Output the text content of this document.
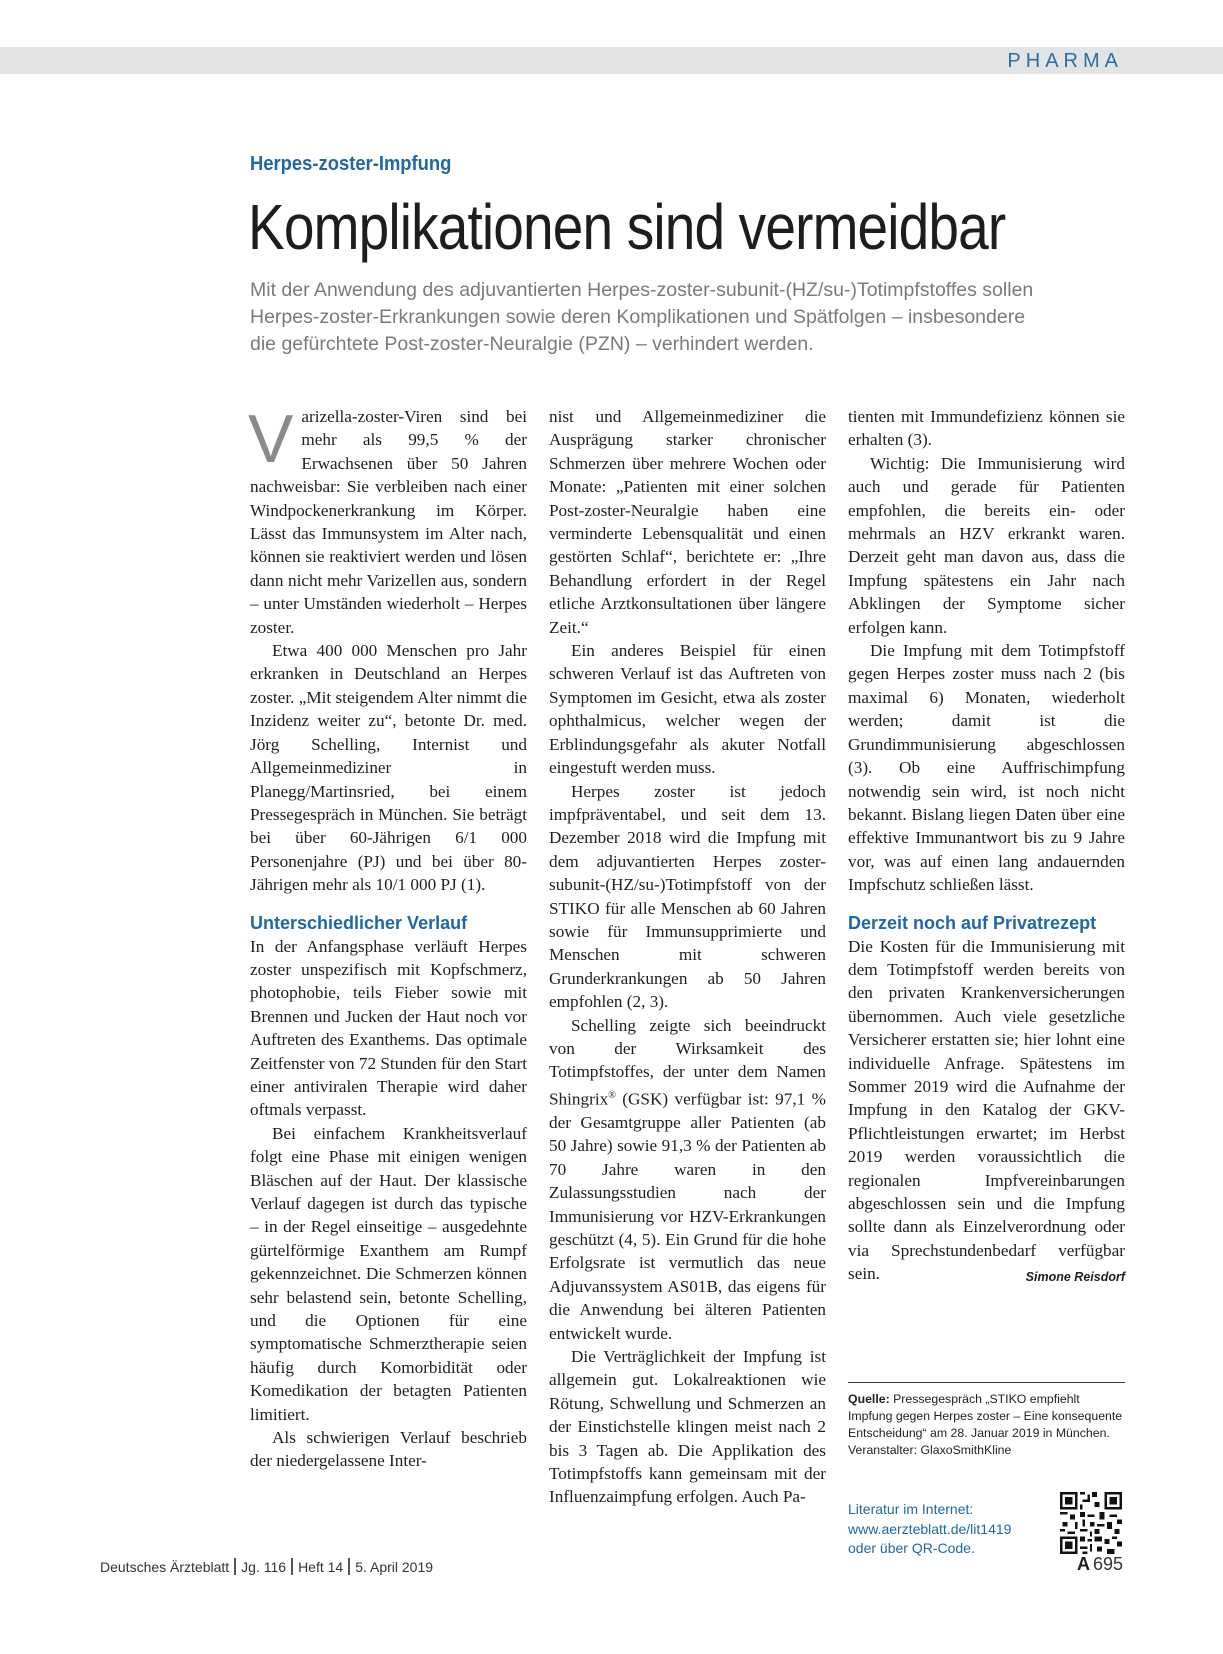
PHARMA
Herpes-zoster-Impfung
Komplikationen sind vermeidbar
Mit der Anwendung des adjuvantierten Herpes-zoster-subunit-(HZ/su-)Totimpfstoffes sollen
Herpes-zoster-Erkrankungen sowie deren Komplikationen und Spätfolgen – insbesondere
die gefürchtete Post-zoster-Neuralgie (PZN) – verhindert werden.

Varizella-zoster-Viren sind bei mehr als 99,5 % der Erwachsenen über 50 Jahren nachweisbar: Sie verbleiben nach einer Windpockenerkrankung im Körper. Lässt das Immunsystem im Alter nach, können sie reaktiviert werden und lösen dann nicht mehr Varizellen aus, sondern – unter Umständen wiederholt – Herpes zoster.

Etwa 400 000 Menschen pro Jahr erkranken in Deutschland an Herpes zoster. „Mit steigendem Alter nimmt die Inzidenz weiter zu“, betonte Dr. med. Jörg Schelling, Internist und Allgemeinmediziner in Planegg/Martinsried, bei einem Pressegespräch in München. Sie beträgt bei über 60-Jährigen 6/1 000 Personenjahre (PJ) und bei über 80-Jährigen mehr als 10/1 000 PJ (1).

Unterschiedlicher Verlauf

In der Anfangsphase verläuft Herpes zoster unspezifisch mit Kopfschmerz, photophobie, teils Fieber sowie mit Brennen und Jucken der Haut noch vor Auftreten des Exanthems. Das optimale Zeitfenster von 72 Stunden für den Start einer antiviralen Therapie wird daher oftmals verpasst.

Bei einfachem Krankheitsverlauf folgt eine Phase mit einigen wenigen Bläschen auf der Haut. Der klassische Verlauf dagegen ist durch das typische – in der Regel einseitige – ausgedehnte gürtelförmige Exanthem am Rumpf gekennzeichnet. Die Schmerzen können sehr belastend sein, betonte Schelling, und die Optionen für eine symptomatische Schmerztherapie seien häufig durch Komorbidität oder Komedikation der betagten Patienten limitiert.

Als schwierigen Verlauf beschrieb der niedergelassene Inter-

nist und Allgemeinmediziner die Ausprägung starker chronischer Schmerzen über mehrere Wochen oder Monate: „Patienten mit einer solchen Post-zoster-Neuralgie haben eine verminderte Lebensqualität und einen gestörten Schlaf“, berichtete er: „Ihre Behandlung erfordert in der Regel etliche Arztkonsultationen über längere Zeit.“

Ein anderes Beispiel für einen schweren Verlauf ist das Auftreten von Symptomen im Gesicht, etwa als zoster ophthalmicus, welcher wegen der Erblindungsgefahr als akuter Notfall eingestuft werden muss.

Herpes zoster ist jedoch impfpräventabel, und seit dem 13. Dezember 2018 wird die Impfung mit dem adjuvantierten Herpes zoster-subunit-(HZ/su-)Totimpfstoff von der STIKO für alle Menschen ab 60 Jahren sowie für Immunsupprimierte und Menschen mit schweren Grunderkrankungen ab 50 Jahren empfohlen (2, 3).

Schelling zeigte sich beeindruckt von der Wirksamkeit des Totimpfstoffes, der unter dem Namen Shingrix® (GSK) verfügbar ist: 97,1 % der Gesamtgruppe aller Patienten (ab 50 Jahre) sowie 91,3 % der Patienten ab 70 Jahre waren in den Zulassungsstudien nach der Immunisierung vor HZV-Erkrankungen geschützt (4, 5). Ein Grund für die hohe Erfolgsrate ist vermutlich das neue Adjuvanssystem AS01B, das eigens für die Anwendung bei älteren Patienten entwickelt wurde.

Die Verträglichkeit der Impfung ist allgemein gut. Lokalreaktionen wie Rötung, Schwellung und Schmerzen an der Einstichstelle klingen meist nach 2 bis 3 Tagen ab. Die Applikation des Totimpfstoffs kann gemeinsam mit der Influenzaimpfung erfolgen. Auch Pa-

tienten mit Immundefizienz können sie erhalten (3).

Wichtig: Die Immunisierung wird auch und gerade für Patienten empfohlen, die bereits ein- oder mehrmals an HZV erkrankt waren. Derzeit geht man davon aus, dass die Impfung spätestens ein Jahr nach Abklingen der Symptome sicher erfolgen kann.

Die Impfung mit dem Totimpfstoff gegen Herpes zoster muss nach 2 (bis maximal 6) Monaten, wiederholt werden; damit ist die Grundimmunisierung abgeschlossen (3). Ob eine Auffrischimpfung notwendig sein wird, ist noch nicht bekannt. Bislang liegen Daten über eine effektive Immunantwort bis zu 9 Jahre vor, was auf einen lang andauernden Impfschutz schließen lässt.

Derzeit noch auf Privatrezept

Die Kosten für die Immunisierung mit dem Totimpfstoff werden bereits von den privaten Krankenversicherungen übernommen. Auch viele gesetzliche Versicherer erstatten sie; hier lohnt eine individuelle Anfrage. Spätestens im Sommer 2019 wird die Aufnahme der Impfung in den Katalog der GKV-Pflichtleistungen erwartet; im Herbst 2019 werden voraussichtlich die regionalen Impfvereinbarungen abgeschlossen sein und die Impfung sollte dann als Einzelverordnung oder via Sprechstundenbedarf verfügbar sein.	Simone Reisdorf

Quelle: Pressegespräch „STIKO empfiehlt Impfung gegen Herpes zoster – Eine konsequente Entscheidung“ am 28. Januar 2019 in München. Veranstalter: GlaxoSmithKline
Literatur im Internet:
www.aerzteblatt.de/lit1419
oder über QR-Code.
Deutsches Ärzteblatt Jg. 116 Heft 14 5. April 2019	A 695
